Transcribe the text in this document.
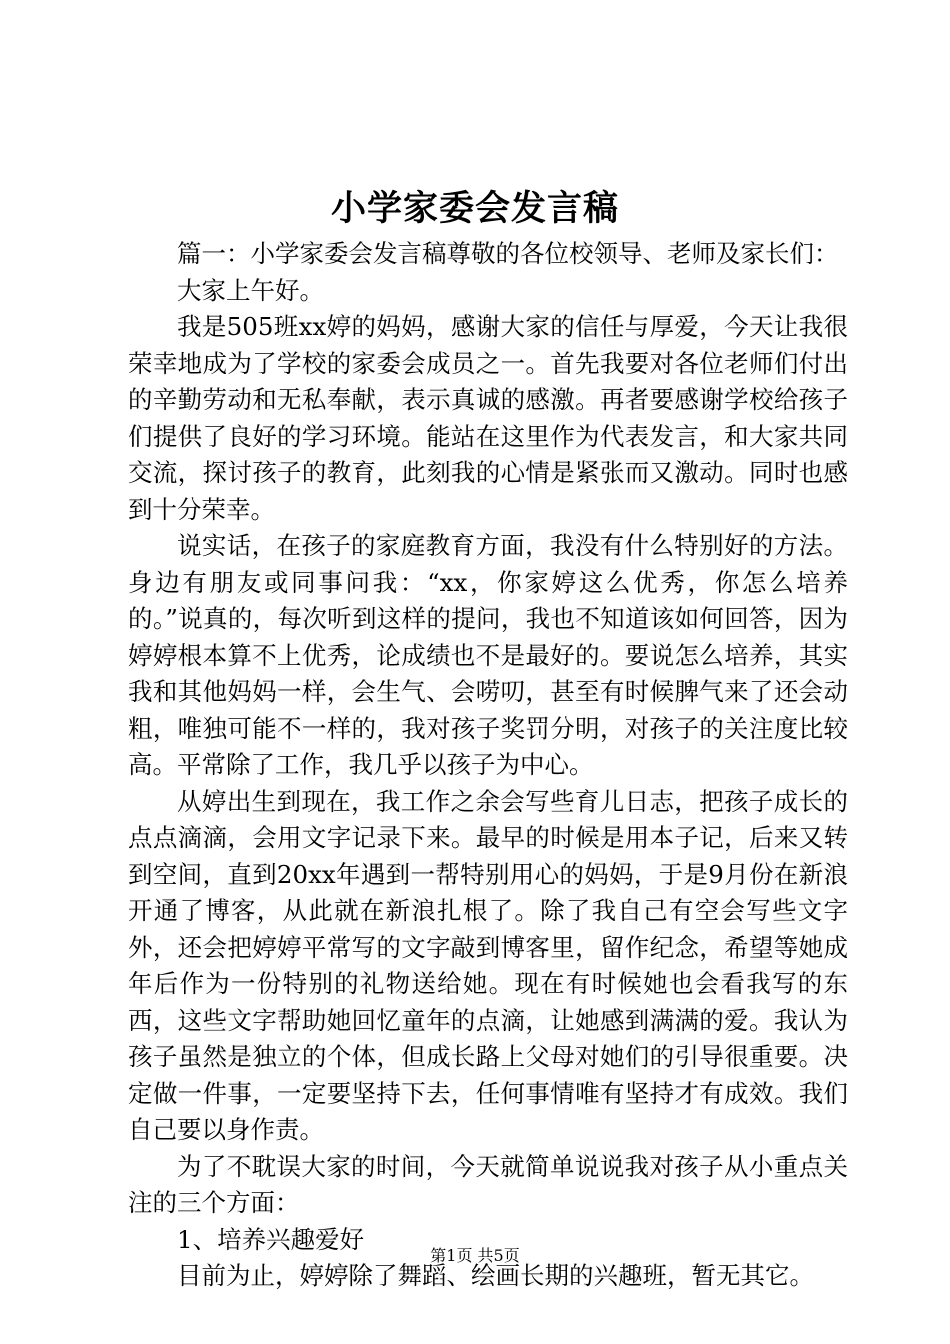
小学家委会发言稿

篇一：小学家委会发言稿尊敬的各位校领导、老师及家长们：

大家上午好。

我是505班xx婷的妈妈，感谢大家的信任与厚爱，今天让我很荣幸地成为了学校的家委会成员之一。首先我要对各位老师们付出的辛勤劳动和无私奉献，表示真诚的感激。再者要感谢学校给孩子们提供了良好的学习环境。能站在这里作为代表发言，和大家共同交流，探讨孩子的教育，此刻我的心情是紧张而又激动。同时也感到十分荣幸。

说实话，在孩子的家庭教育方面，我没有什么特别好的方法。身边有朋友或同事问我：“xx，你家婷这么优秀，你怎么培养的。”说真的，每次听到这样的提问，我也不知道该如何回答，因为婷婷根本算不上优秀，论成绩也不是最好的。要说怎么培养，其实我和其他妈妈一样，会生气、会唠叨，甚至有时候脾气来了还会动粗，唯独可能不一样的，我对孩子奖罚分明，对孩子的关注度比较高。平常除了工作，我几乎以孩子为中心。

从婷出生到现在，我工作之余会写些育儿日志，把孩子成长的点点滴滴，会用文字记录下来。最早的时候是用本子记，后来又转到空间，直到20xx年遇到一帮特别用心的妈妈，于是9月份在新浪开通了博客，从此就在新浪扎根了。除了我自己有空会写些文字外，还会把婷婷平常写的文字敲到博客里，留作纪念，希望等她成年后作为一份特别的礼物送给她。现在有时候她也会看我写的东西，这些文字帮助她回忆童年的点滴，让她感到满满的爱。我认为孩子虽然是独立的个体，但成长路上父母对她们的引导很重要。决定做一件事，一定要坚持下去，任何事情唯有坚持才有成效。我们自己要以身作责。

为了不耽误大家的时间，今天就简单说说我对孩子从小重点关注的三个方面：

1、培养兴趣爱好

目前为止，婷婷除了舞蹈、绘画长期的兴趣班，暂无其它。

第1页 共5页
